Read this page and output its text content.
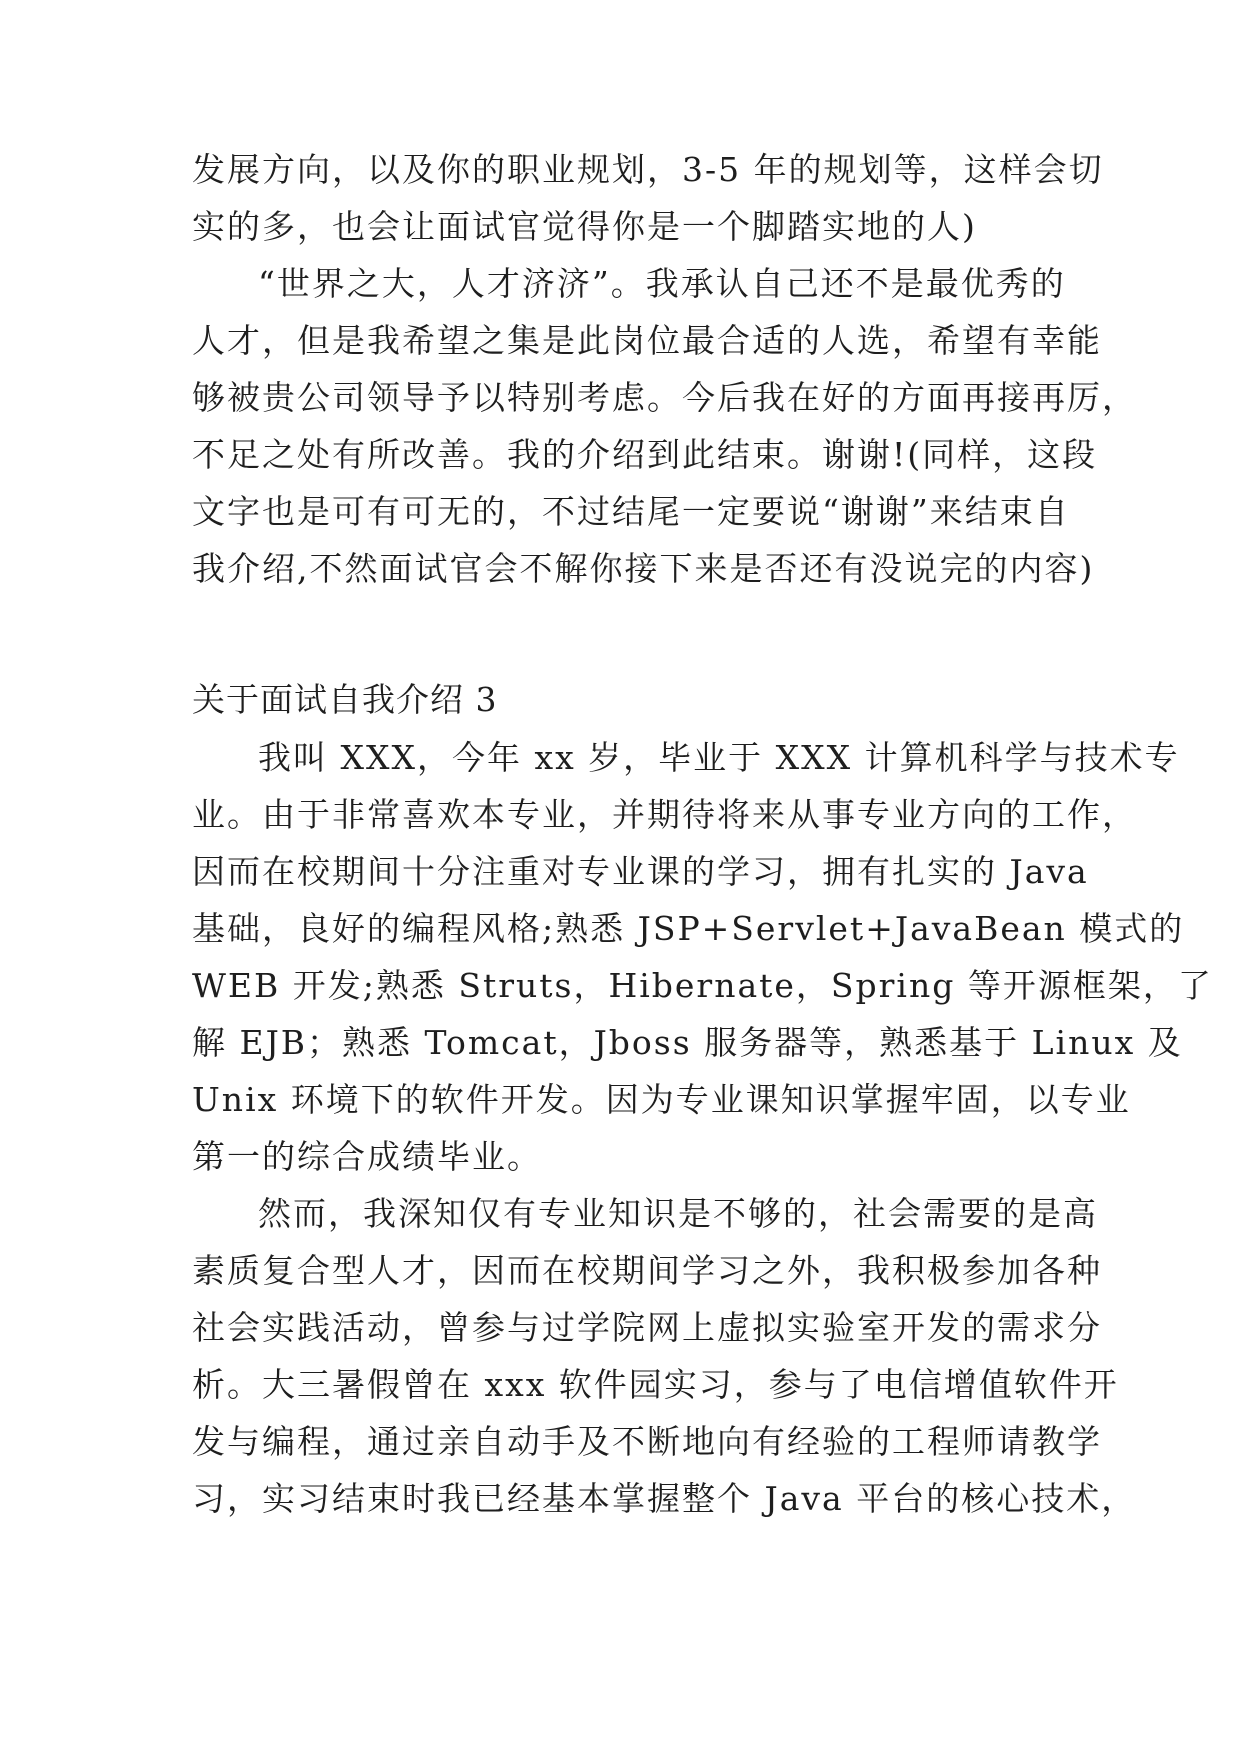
发展方向，以及你的职业规划，3-5 年的规划等，这样会切
实的多，也会让面试官觉得你是一个脚踏实地的人)
“世界之大，人才济济”。我承认自己还不是最优秀的
人才，但是我希望之集是此岗位最合适的人选，希望有幸能
够被贵公司领导予以特别考虑。今后我在好的方面再接再厉，
不足之处有所改善。我的介绍到此结束。谢谢!(同样，这段
文字也是可有可无的，不过结尾一定要说“谢谢”来结束自
我介绍,不然面试官会不解你接下来是否还有没说完的内容)
关于面试自我介绍 3
我叫 XXX，今年 xx 岁，毕业于 XXX 计算机科学与技术专
业。由于非常喜欢本专业，并期待将来从事专业方向的工作，
因而在校期间十分注重对专业课的学习，拥有扎实的 Java
基础，良好的编程风格;熟悉 JSP+Servlet+JavaBean 模式的
WEB 开发;熟悉 Struts，Hibernate，Spring 等开源框架，了
解 EJB；熟悉 Tomcat，Jboss 服务器等，熟悉基于 Linux 及
Unix 环境下的软件开发。因为专业课知识掌握牢固，以专业
第一的综合成绩毕业。
然而，我深知仅有专业知识是不够的，社会需要的是高
素质复合型人才，因而在校期间学习之外，我积极参加各种
社会实践活动，曾参与过学院网上虚拟实验室开发的需求分
析。大三暑假曾在 xxx 软件园实习，参与了电信增值软件开
发与编程，通过亲自动手及不断地向有经验的工程师请教学
习，实习结束时我已经基本掌握整个 Java 平台的核心技术，
